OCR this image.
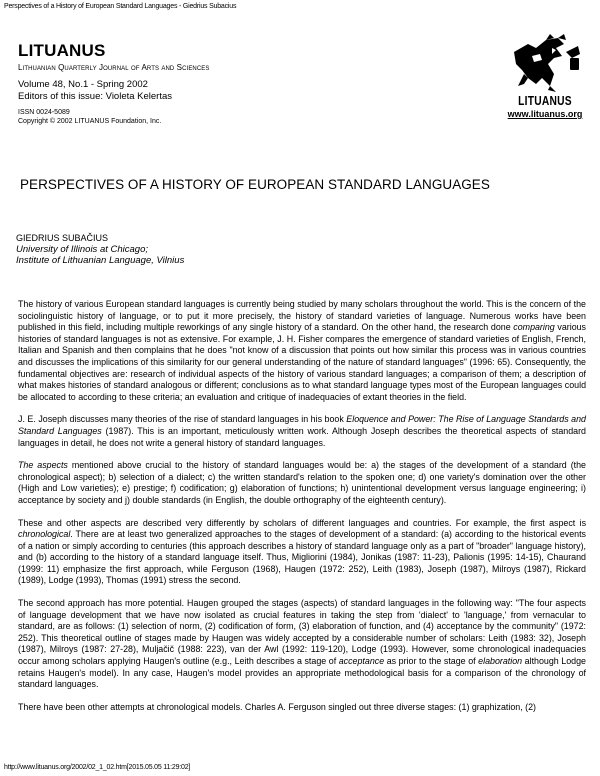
Perspectives of a History of European Standard Languages - Giedrius Subacius
LITUANUS
Lithuanian Quarterly Journal of Arts and Sciences
Volume 48, No.1 - Spring 2002
Editors of this issue: Violeta Kelertas
ISSN 0024-5089
Copyright © 2002 LITUANUS Foundation, Inc.
LITUANUS
www.lituanus.org
PERSPECTIVES OF A HISTORY OF EUROPEAN STANDARD LANGUAGES
GIEDRIUS SUBAČIUS
University of Illinois at Chicago;
Institute of Lithuanian Language, Vilnius

The history of various European standard languages is currently being studied by many scholars throughout the world. This is the concern of the sociolinguistic history of language, or to put it more precisely, the history of standard varieties of language. Numerous works have been published in this field, including multiple reworkings of any single history of a standard. On the other hand, the research done comparing various histories of standard languages is not as extensive. For example, J. H. Fisher compares the emergence of standard varieties of English, French, Italian and Spanish and then complains that he does "not know of a discussion that points out how similar this process was in various countries and discusses the implications of this similarity for our general understanding of the nature of standard languages" (1996: 65). Consequently, the fundamental objectives are: research of individual aspects of the history of various standard languages; a comparison of them; a description of what makes histories of standard analogous or different; conclusions as to what standard language types most of the European languages could be allocated to according to these criteria; an evaluation and critique of inadequacies of extant theories in the field.

J. E. Joseph discusses many theories of the rise of standard languages in his book Eloquence and Power: The Rise of Language Standards and Standard Languages (1987). This is an important, meticulously written work. Although Joseph describes the theoretical aspects of standard languages in detail, he does not write a general history of standard languages.

The aspects mentioned above crucial to the history of standard languages would be: a) the stages of the development of a standard (the chronological aspect); b) selection of a dialect; c) the written standard's relation to the spoken one; d) one variety's domination over the other (High and Low varieties); e) prestige; f) codification; g) elaboration of functions; h) unintentional development versus language engineering; i) acceptance by society and j) double standards (in English, the double orthography of the eighteenth century).

These and other aspects are described very differently by scholars of different languages and countries. For example, the first aspect is chronological. There are at least two generalized approaches to the stages of development of a standard: (a) according to the historical events of a nation or simply according to centuries (this approach describes a history of standard language only as a part of "broader" language history), and (b) according to the history of a standard language itself. Thus, Migliorini (1984), Jonikas (1987: 11-23), Palionis (1995: 14-15), Chaurand (1999: 11) emphasize the first approach, while Ferguson (1968), Haugen (1972: 252), Leith (1983), Joseph (1987), Milroys (1987), Rickard (1989), Lodge (1993), Thomas (1991) stress the second.

The second approach has more potential. Haugen grouped the stages (aspects) of standard languages in the following way: "The four aspects of language development that we have now isolated as crucial features in taking the step from 'dialect' to 'language,' from vernacular to standard, are as follows: (1) selection of norm, (2) codification of form, (3) elaboration of function, and (4) acceptance by the community" (1972: 252). This theoretical outline of stages made by Haugen was widely accepted by a considerable number of scholars: Leith (1983: 32), Joseph (1987), Milroys (1987: 27-28), Muljačič (1988: 223), van der Awl (1992: 119-120), Lodge (1993). However, some chronological inadequacies occur among scholars applying Haugen's outline (e.g., Leith describes a stage of acceptance as prior to the stage of elaboration although Lodge retains Haugen's model). In any case, Haugen's model provides an appropriate methodological basis for a comparison of the chronology of standard languages.

There have been other attempts at chronological models. Charles A. Ferguson singled out three diverse stages: (1) graphization, (2)

http://www.lituanus.org/2002/02_1_02.htm[2015.05.05 11:29:02]
